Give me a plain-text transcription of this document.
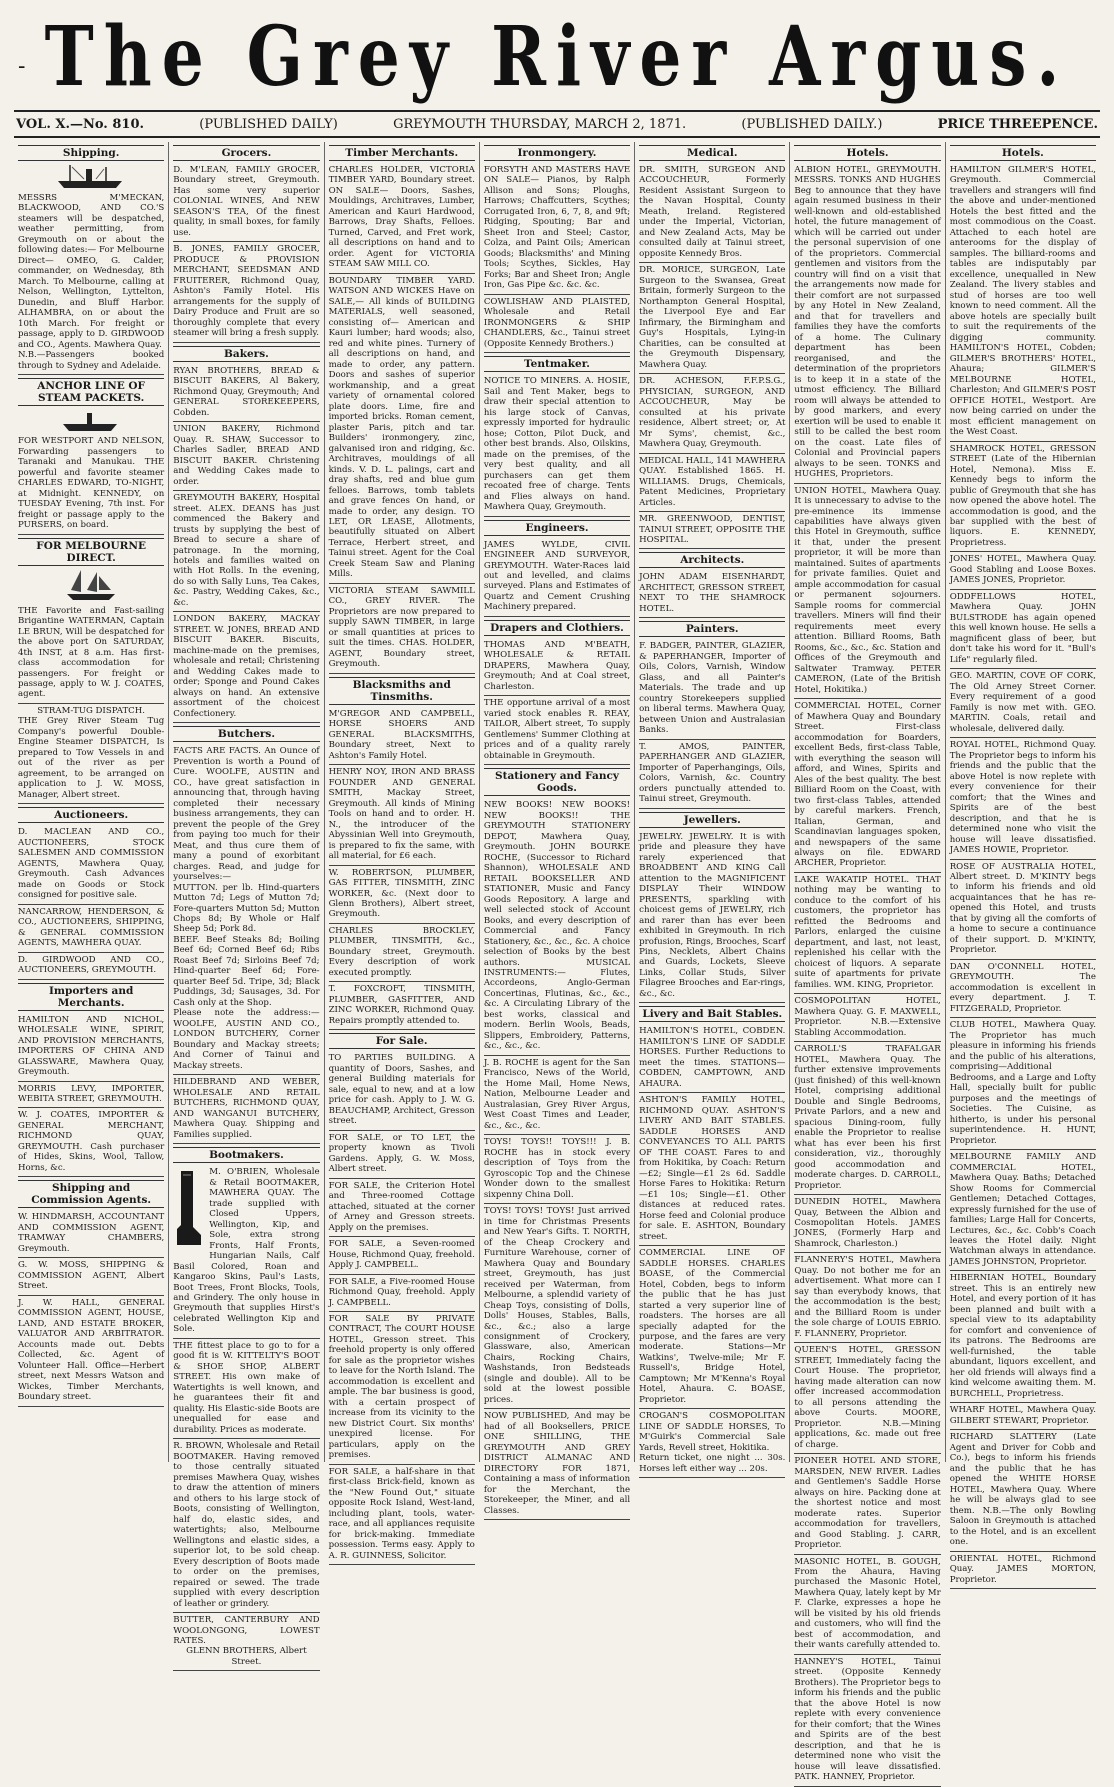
- The Grey River Argus.
VOL. X.—No. 810.	(PUBLISHED DAILY)	GREYMOUTH THURSDAY, MARCH 2, 1871.	(PUBLISHED DAILY.)	PRICE THREEPENCE.
Shipping.

MESSRS M'MECKAN, BLACKWOOD, AND CO.'S steamers will be despatched, weather permitting, from Greymouth on or about the following dates:— For Melbourne Direct— OMEO, G. Calder, commander, on Wednesday, 8th March. To Melbourne, calling at Nelson, Wellington, Lyttelton, Dunedin, and Bluff Harbor. ALHAMBRA, on or about the 10th March. For freight or passage, apply to D. GIRDWOOD and CO., Agents. Mawhera Quay.

N.B.—Passengers booked through to Sydney and Adelaide.

ANCHOR LINE OF STEAM PACKETS.

FOR WESTPORT AND NELSON, Forwarding passengers to Taranaki and Manukau. THE powerful and favorite steamer CHARLES EDWARD, TO-NIGHT, at Midnight. KENNEDY, on TUESDAY Evening, 7th inst. For freight or passage apply to the PURSERS, on board.

FOR MELBOURNE DIRECT.

THE Favorite and Fast-sailing Brigantine WATERMAN, Captain LE BRUN, Will be despatched for the above port On SATURDAY, 4th INST, at 8 a.m. Has first-class accommodation for passengers. For freight or passage, apply to W. J. COATES, agent.

STRAM-TUG DISPATCH.

THE Grey River Steam Tug Company's powerful Double-Engine Steamer DISPATCH, Is prepared to Tow Vessels in and out of the river as per agreement, to be arranged on application to J. W. MOSS, Manager, Albert street.

Auctioneers.

D. MACLEAN AND CO., AUCTIONEERS, STOCK SALESMEN AND COMMISSION AGENTS, Mawhera Quay, Greymouth. Cash Advances made on Goods or Stock consigned for positive sale.

NANCARROW, HENDERSON, & CO., AUCTIONEERS, SHIPPING, & GENERAL COMMISSION AGENTS, MAWHERA QUAY.

D. GIRDWOOD AND CO., AUCTIONEERS, GREYMOUTH.

Importers and Merchants.

HAMILTON AND NICHOL, WHOLESALE WINE, SPIRIT, AND PROVISION MERCHANTS, IMPORTERS OF CHINA AND GLASSWARE, Mawhera Quay, Greymouth.

MORRIS LEVY, IMPORTER, WEBITA STREET, GREYMOUTH.

W. J. COATES, IMPORTER & GENERAL MERCHANT, RICHMOND QUAY, GREYMOUTH. Cash purchaser of Hides, Skins, Wool, Tallow, Horns, &c.

Shipping and Commission Agents.

W. HINDMARSH, ACCOUNTANT AND COMMISSION AGENT, TRAMWAY CHAMBERS, Greymouth.

G. W. MOSS, SHIPPING & COMMISSION AGENT, Albert Street.

J. W. HALL, GENERAL COMMISSION AGENT, HOUSE, LAND, AND ESTATE BROKER, VALUATOR AND ARBITRATOR. Accounts made out. Debts Collected, &c. Agent of Volunteer Hall. Office—Herbert street, next Messrs Watson and Wickes, Timber Merchants, Boundary street.

Grocers.

D. M'LEAN, FAMILY GROCER, Boundary street, Greymouth. Has some very superior COLONIAL WINES, And NEW SEASON'S TEA, Of the finest quality, in small boxes, for family use.

B. JONES, FAMILY GROCER, PRODUCE & PROVISION MERCHANT, SEEDSMAN AND FRUITERER, Richmond Quay, Ashton's Family Hotel. His arrangements for the supply of Dairy Produce and Fruit are so thoroughly complete that every steamer will bring a fresh supply.

Bakers.

RYAN BROTHERS, BREAD & BISCUIT BAKERS, Al Bakery, Richmond Quay, Greymouth; And GENERAL STOREKEEPERS, Cobden.

UNION BAKERY, Richmond Quay. R. SHAW, Successor to Charles Sadler, BREAD AND BISCUIT BAKER. Christening and Wedding Cakes made to order.

GREYMOUTH BAKERY, Hospital street. ALEX. DEANS has just commenced the Bakery and trusts by supplying the best of Bread to secure a share of patronage. In the morning, hotels and families waited on with Hot Rolls. In the evening, do so with Sally Luns, Tea Cakes, &c. Pastry, Wedding Cakes, &c., &c.

LONDON BAKERY, MACKAY STREET. W. JONES, BREAD AND BISCUIT BAKER. Biscuits, machine-made on the premises, wholesale and retail; Christening and Wedding Cakes made to order; Sponge and Pound Cakes always on hand. An extensive assortment of the choicest Confectionery.

Butchers.

FACTS ARE FACTS. An Ounce of Prevention is worth a Pound of Cure. WOOLFE, AUSTIN and CO., have great satisfaction in announcing that, through having completed their necessary business arrangements, they can prevent the people of the Grey from paying too much for their Meat, and thus cure them of many a pound of exorbitant charges. Read, and judge for yourselves:—

MUTTON. per lb. Hind-quarters Mutton 7d; Legs of Mutton 7d; Fore-quarters Mutton 5d; Mutton Chops 8d; By Whole or Half Sheep 5d; Pork 8d.

BEEF. Beef Steaks 8d; Boiling Beef 6d; Corned Beef 6d; Ribs Roast Beef 7d; Sirloins Beef 7d; Hind-quarter Beef 6d; Fore-quarter Beef 5d. Tripe, 3d; Black Puddings, 3d; Sausages, 3d. For Cash only at the Shop.

Please note the address:— WOOLFE, AUSTIN AND CO., LONDON BUTCHERY, Corner Boundary and Mackay streets; And Corner of Tainui and Mackay streets.

HILDEBRAND AND WEBER, WHOLESALE AND RETAIL BUTCHERS, RICHMOND QUAY, AND WANGANUI BUTCHERY, Mawhera Quay. Shipping and Families supplied.

Bootmakers.

M. O'BRIEN, Wholesale & Retail BOOTMAKER, MAWHERA QUAY. The trade supplied with Closed Uppers, Wellington, Kip, and Sole, extra strong Fronts, Half Fronts, Hungarian Nails, Calf Basil Colored, Roan and Kangaroo Skins, Paul's Lasts, Boot Trees, Front Blocks, Tools, and Grindery. The only house in Greymouth that supplies Hirst's celebrated Wellington Kip and Sole.

THE fittest place to go to for a good fit is W. KITTELTY'S BOOT & SHOE SHOP, ALBERT STREET. His own make of Watertights is well known, and he guarantees their fit and quality. His Elastic-side Boots are unequalled for ease and durability. Prices as moderate.

R. BROWN, Wholesale and Retail BOOTMAKER. Having removed to those centrally situated premises Mawhera Quay, wishes to draw the attention of miners and others to his large stock of Boots, consisting of Wellington, half do, elastic sides, and watertights; also, Melbourne Wellingtons and elastic sides, a superior lot, to be sold cheap. Every description of Boots made to order on the premises, repaired or sewed. The trade supplied with every description of leather or grindery.

BUTTER, CANTERBURY AND WOOLONGONG, LOWEST RATES.

GLENN BROTHERS, Albert Street.

Timber Merchants.

CHARLES HOLDER, VICTORIA TIMBER YARD, Boundary street. ON SALE— Doors, Sashes, Mouldings, Architraves, Lumber, American and Kauri Hardwood, Barrows, Dray Shafts, Felloes. Turned, Carved, and Fret work, all descriptions on hand and to order. Agent for VICTORIA STEAM SAW MILL CO.

BOUNDARY TIMBER YARD. WATSON AND WICKES Have on SALE,— All kinds of BUILDING MATERIALS, well seasoned, consisting of— American and Kauri lumber; hard woods; also, red and white pines. Turnery of all descriptions on hand, and made to order, any pattern. Doors and sashes of superior workmanship, and a great variety of ornamental colored plate doors. Lime, fire and imported bricks. Roman cement, plaster Paris, pitch and tar. Builders' ironmongery, zinc, galvanised iron and ridging, &c. Architraves, mouldings of all kinds. V. D. L. palings, cart and dray shafts, red and blue gum felloes. Barrows, tomb tablets and grave fences On hand, or made to order, any design. TO LET, OR LEASE, Allotments, beautifully situated on Albert Terrace, Herbert street, and Tainui street. Agent for the Coal Creek Steam Saw and Planing Mills.

VICTORIA STEAM SAWMILL CO., GREY RIVER. The Proprietors are now prepared to supply SAWN TIMBER, in large or small quantities at prices to suit the times. CHAS. HOLDER, AGENT, Boundary street, Greymouth.

Blacksmiths and Tinsmiths.

M'GREGOR AND CAMPBELL, HORSE SHOERS AND GENERAL BLACKSMITHS, Boundary street, Next to Ashton's Family Hotel.

HENRY NOY, IRON AND BRASS FOUNDER AND GENERAL SMITH, Mackay Street, Greymouth. All kinds of Mining Tools on hand and to order. H. N., the introducer of the Abyssinian Well into Greymouth, is prepared to fix the same, with all material, for £6 each.

W. ROBERTSON, PLUMBER, GAS FITTER, TINSMITH, ZINC WORKER, &c. (Next door to Glenn Brothers), Albert street, Greymouth.

CHARLES BROCKLEY, PLUMBER, TINSMITH, &c., Boundary street, Greymouth. Every description of work executed promptly.

T. FOXCROFT, TINSMITH, PLUMBER, GASFITTER, AND ZINC WORKER, Richmond Quay. Repairs promptly attended to.

For Sale.

TO PARTIES BUILDING. A quantity of Doors, Sashes, and general Building materials for sale, equal to new, and at a low price for cash. Apply to J. W. G. BEAUCHAMP, Architect, Gresson street.

FOR SALE, or TO LET, the property known as Tivoli Gardens. Apply, G. W. Moss, Albert street.

FOR SALE, the Criterion Hotel and Three-roomed Cottage attached, situated at the corner of Arney and Gresson streets. Apply on the premises.

FOR SALE, a Seven-roomed House, Richmond Quay, freehold. Apply J. CAMPBELL.

FOR SALE, a Five-roomed House Richmond Quay, freehold. Apply J. CAMPBELL.

FOR SALE BY PRIVATE CONTRACT, The COURT HOUSE HOTEL, Gresson street. This freehold property is only offered for sale as the proprietor wishes to leave for the North Island. The accommodation is excellent and ample. The bar business is good, with a certain prospect of increase from its vicinity to the new District Court. Six months' unexpired license. For particulars, apply on the premises.

FOR SALE, a half-share in that first-class Brick-field, known as the "New Found Out," situate opposite Rock Island, West-land, including plant, tools, water-race, and all appliances requisite for brick-making. Immediate possession. Terms easy. Apply to A. R. GUINNESS, Solicitor.

Ironmongery.

FORSYTH AND MASTERS HAVE ON SALE— Pianos, by Ralph Allison and Sons; Ploughs, Harrows; Chaffcutters, Scythes; Corrugated Iron, 6, 7, 8, and 9ft; Ridging, Spouting; Bar and Sheet Iron and Steel; Castor, Colza, and Paint Oils; American Goods; Blacksmiths' and Mining Tools; Scythes, Sickles, Hay Forks; Bar and Sheet Iron; Angle Iron, Gas Pipe &c. &c. &c.

COWLISHAW AND PLAISTED, Wholesale and Retail IRONMONGERS & SHIP CHANDLERS, &c., Tainui street (Opposite Kennedy Brothers.)

Tentmaker.

NOTICE TO MINERS. A. HOSIE, Sail and Tent Maker, begs to draw their special attention to his large stock of Canvas, expressly imported for hydraulic hose; Cotton, Pilot Duck, and other best brands. Also, Oilskins, made on the premises, of the very best quality, and all purchasers can get them recoated free of charge. Tents and Flies always on hand. Mawhera Quay, Greymouth.

Engineers.

JAMES WYLDE, CIVIL ENGINEER AND SURVEYOR, GREYMOUTH. Water-Races laid out and levelled, and claims surveyed. Plans and Estimates of Quartz and Cement Crushing Machinery prepared.

Drapers and Clothiers.

THOMAS AND M'BEATH, WHOLESALE & RETAIL DRAPERS, Mawhera Quay, Greymouth; And at Coal street, Charleston.

THE opportune arrival of a most varied stock enables R. REAY, TAILOR, Albert street, To supply Gentlemens' Summer Clothing at prices and of a quality rarely obtainable in Greymouth.

Stationery and Fancy Goods.

NEW BOOKS! NEW BOOKS! NEW BOOKS!! THE GREYMOUTH STATIONERY DEPOT, Mawhera Quay, Greymouth. JOHN BOURKE ROCHE, (Successor to Richard Shannon), WHOLESALE AND RETAIL BOOKSELLER AND STATIONER, Music and Fancy Goods Repository. A large and well selected stock of Account Books, and every description of Commercial and Fancy Stationery, &c., &c., &c. A choice selection of Books by the best authors. MUSICAL INSTRUMENTS:— Flutes, Accordeons, Anglo-German Concertinas, Flutinas, &c., &c., &c. A Circulating Library of the best works, classical and modern. Berlin Wools, Beads, Slippers, Embroidery, Patterns, &c., &c., &c.

J. B. ROCHE is agent for the San Francisco, News of the World, the Home Mail, Home News, Nation, Melbourne Leader and Australasian, Grey River Argus, West Coast Times and Leader, &c., &c., &c.

TOYS! TOYS!! TOYS!!! J. B. ROCHE has in stock every description of Toys from the Gyroscopic Top and the Chinese Wonder down to the smallest sixpenny China Doll.

TOYS! TOYS! TOYS! Just arrived in time for Christmas Presents and New Year's Gifts. T. NORTH, of the Cheap Crockery and Furniture Warehouse, corner of Mawhera Quay and Boundary street, Greymouth, has just received per Waterman, from Melbourne, a splendid variety of Cheap Toys, consisting of Dolls, Dolls' Houses, Stables, Balls, &c., &c.; also a large consignment of Crockery, Glassware, also, American Chairs, Rocking Chairs, Washstands, Iron Bedsteads (single and double). All to be sold at the lowest possible prices.

NOW PUBLISHED, And may be had of all Booksellers, PRICE ONE SHILLING, THE GREYMOUTH AND GREY DISTRICT ALMANAC AND DIRECTORY FOR 1871, Containing a mass of information for the Merchant, the Storekeeper, the Miner, and all Classes.

Medical.

DR. SMITH, SURGEON AND ACCOUCHEUR, Formerly Resident Assistant Surgeon to the Navan Hospital, County Meath, Ireland. Registered under the Imperial, Victorian, and New Zealand Acts, May be consulted daily at Tainui street, opposite Kennedy Bros.

DR. MORICE, SURGEON, Late Surgeon to the Swansea, Great Britain, formerly Surgeon to the Northampton General Hospital, the Liverpool Eye and Ear Infirmary, the Birmingham and Guy's Hospitals, Lying-in Charities, can be consulted at the Greymouth Dispensary, Mawhera Quay.

DR. ACHESON, F.F.P.S.G., PHYSICIAN, SURGEON, AND ACCOUCHEUR, May be consulted at his private residence, Albert street; or, At Mr Syms', chemist, &c., Mawhera Quay, Greymouth.

MEDICAL HALL, 141 MAWHERA QUAY. Established 1865. H. WILLIAMS. Drugs, Chemicals, Patent Medicines, Proprietary Articles.

MR. GREENWOOD, DENTIST, TAINUI STREET, OPPOSITE THE HOSPITAL.

Architects.

JOHN ADAM EISENHARDT, ARCHITECT, GRESSON STREET, NEXT TO THE SHAMROCK HOTEL.

Painters.

F. BADGER, PAINTER, GLAZIER, & PAPERHANGER, Importer of Oils, Colors, Varnish, Window Glass, and all Painter's Materials. The trade and up country Storekeepers supplied on liberal terms. Mawhera Quay, between Union and Australasian Banks.

T. AMOS, PAINTER, PAPERHANGER AND GLAZIER, Importer of Paperhangings, Oils, Colors, Varnish, &c. Country orders punctually attended to. Tainui street, Greymouth.

Jewellers.

JEWELRY. JEWELRY. It is with pride and pleasure they have rarely experienced that BROADBENT AND KING Call attention to the MAGNIFICENT DISPLAY Their WINDOW PRESENTS, sparkling with choicest gems of JEWELRY, rich and rarer than has ever been exhibited in Greymouth. In rich profusion, Rings, Brooches, Scarf Pins, Necklets, Albert Chains and Guards, Lockets, Sleeve Links, Collar Studs, Silver Filagree Brooches and Ear-rings, &c., &c.

Livery and Bait Stables.

HAMILTON'S HOTEL, COBDEN. HAMILTON'S LINE OF SADDLE HORSES. Further Reductions to meet the times. STATIONS—COBDEN, CAMPTOWN, AND AHAURA.

ASHTON'S FAMILY HOTEL, RICHMOND QUAY. ASHTON'S LIVERY AND BAIT STABLES. SADDLE HORSES AND CONVEYANCES TO ALL PARTS OF THE COAST. Fares to and from Hokitika, by Coach: Return—£2; Single—£1 2s 6d. Saddle Horse Fares to Hokitika: Return—£1 10s; Single—£1. Other distances at reduced rates. Horse feed and Colonial produce for sale. E. ASHTON, Boundary street.

COMMERCIAL LINE OF SADDLE HORSES. CHARLES BOASE, of the Commercial Hotel, Cobden, begs to inform the public that he has just started a very superior line of roadsters. The horses are all specially adapted for the purpose, and the fares are very moderate. Stations—Mr Watkins', Twelve-mile; Mr F. Russell's, Bridge Hotel, Camptown; Mr M'Kenna's Royal Hotel, Ahaura. C. BOASE, Proprietor.

CROGAN'S COSMOPOLITAN LINE OF SADDLE HORSES, To M'Guirk's Commercial Sale Yards, Revell street, Hokitika.

Return ticket, one night ... 30s. Horses left either way ... 20s.

Hotels.

ALBION HOTEL, GREYMOUTH. MESSRS. TONKS AND HUGHES Beg to announce that they have again resumed business in their well-known and old-established hotel, the future management of which will be carried out under the personal supervision of one of the proprietors. Commercial gentlemen and visitors from the country will find on a visit that the arrangements now made for their comfort are not surpassed by any Hotel in New Zealand, and that for travellers and families they have the comforts of a home. The Culinary department has been reorganised, and the determination of the proprietors is to keep it in a state of the utmost efficiency. The Billiard room will always be attended to by good markers, and every exertion will be used to enable it still to be called the best room on the coast. Late files of Colonial and Provincial papers always to be seen. TONKS and HUGHES, Proprietors.

UNION HOTEL, Mawhera Quay. It is unnecessary to advise to the pre-eminence its immense capabilities have always given this Hotel in Greymouth, suffice it that, under the present proprietor, it will be more than maintained. Suites of apartments for private families. Quiet and ample accommodation for casual or permanent sojourners. Sample rooms for commercial travellers. Miners will find their requirements meet every attention. Billiard Rooms, Bath Rooms, &c., &c., &c. Station and Offices of the Greymouth and Saltwater Tramway. PETER CAMERON, (Late of the British Hotel, Hokitika.)

COMMERCIAL HOTEL, Corner of Mawhera Quay and Boundary Street. First-class accommodation for Boarders, excellent Beds, first-class Table, with everything the season will afford, and Wines, Spirits and Ales of the best quality. The best Billiard Room on the Coast, with two first-class Tables, attended by careful markers. French, Italian, German, and Scandinavian languages spoken, and newspapers of the same always on file. EDWARD ARCHER, Proprietor.

LAKE WAKATIP HOTEL. THAT nothing may be wanting to conduce to the comfort of his customers, the proprietor has refitted the Bedrooms and Parlors, enlarged the cuisine department, and last, not least, replenished his cellar with the choicest of liquors. A separate suite of apartments for private families. WM. KING, Proprietor.

COSMOPOLITAN HOTEL, Mawhera Quay. G. F. MAXWELL, Proprietor. N.B.—Extensive Stabling Accommodation.

CARROLL'S TRAFALGAR HOTEL, Mawhera Quay. The further extensive improvements (just finished) of this well-known Hotel, comprising additional Double and Single Bedrooms, Private Parlors, and a new and spacious Dining-room, fully enable the Proprietor to realise what has ever been his first consideration, viz., thoroughly good accommodation and moderate charges. D. CARROLL, Proprietor.

DUNEDIN HOTEL, Mawhera Quay, Between the Albion and Cosmopolitan Hotels. JAMES JONES, (Formerly Harp and Shamrock, Charleston.)

FLANNERY'S HOTEL, Mawhera Quay. Do not bother me for an advertisement. What more can I say than everybody knows, that the accommodation is the best; and the Billiard Room is under the sole charge of LOUIS EBRIO. F. FLANNERY, Proprietor.

QUEEN'S HOTEL, GRESSON STREET, Immediately facing the Court House. The proprietor, having made alteration can now offer increased accommodation to all persons attending the above Courts. MOORE, Proprietor. N.B.—Mining applications, &c. made out free of charge.

PIONEER HOTEL AND STORE, MARSDEN, NEW RIVER. Ladies and Gentlemen's Saddle Horse always on hire. Packing done at the shortest notice and most moderate rates. Superior accommodation for travellers, and Good Stabling. J. CARR, Proprietor.

MASONIC HOTEL, B. GOUGH, From the Ahaura, Having purchased the Masonic Hotel, Mawhera Quay, lately kept by Mr F. Clarke, expresses a hope he will be visited by his old friends and customers, who will find the best of accommodation, and their wants carefully attended to.

HANNEY'S HOTEL, Tainui street. (Opposite Kennedy Brothers). The Proprietor begs to inform his friends and the public that the above Hotel is now replete with every convenience for their comfort; that the Wines and Spirits are of the best description, and that he is determined none who visit the house will leave dissatisfied. PATK. HANNEY, Proprietor.

Hotels.

HAMILTON GILMER'S HOTEL, Greymouth. Commercial travellers and strangers will find the above and under-mentioned Hotels the best fitted and the most commodious on the Coast. Attached to each hotel are anterooms for the display of samples. The billiard-rooms and tables are indisputably par excellence, unequalled in New Zealand. The livery stables and stud of horses are too well known to need comment. All the above hotels are specially built to suit the requirements of the digging community. HAMILTON'S HOTEL, Cobden; GILMER'S BROTHERS' HOTEL, Ahaura; GILMER'S MELBOURNE HOTEL, Charleston; And GILMER'S POST OFFICE HOTEL, Westport. Are now being carried on under the most efficient management on the West Coast.

SHAMROCK HOTEL, GRESSON STREET (Late of the Hibernian Hotel, Nemona). Miss E. Kennedy begs to inform the public of Greymouth that she has now opened the above hotel. The accommodation is good, and the bar supplied with the best of liquors. E. KENNEDY, Proprietress.

JONES' HOTEL, Mawhera Quay. Good Stabling and Loose Boxes. JAMES JONES, Proprietor.

ODDFELLOWS HOTEL, Mawhera Quay. JOHN BULSTRODE has again opened this well known house. He sells a magnificent glass of beer, but don't take his word for it. "Bull's Life" regularly filed.

GEO. MARTIN, COVE OF CORK, The Old Arney Street Corner. Every requirement of a good Family is now met with. GEO. MARTIN. Coals, retail and wholesale, delivered daily.

ROYAL HOTEL, Richmond Quay. The Proprietor begs to inform his friends and the public that the above Hotel is now replete with every convenience for their comfort; that the Wines and Spirits are of the best description, and that he is determined none who visit the house will leave dissatisfied. JAMES HOWIE, Proprietor.

ROSE OF AUSTRALIA HOTEL, Albert street. D. M'KINTY begs to inform his friends and old acquaintances that he has re-opened this Hotel, and trusts that by giving all the comforts of a home to secure a continuance of their support. D. M'KINTY, Proprietor.

DAN O'CONNELL HOTEL, GREYMOUTH. The accommodation is excellent in every department. J. T. FITZGERALD, Proprietor.

CLUB HOTEL, Mawhera Quay. The Proprietor has much pleasure in informing his friends and the public of his alterations, comprising—Additional Bedrooms, and a Large and Lofty Hall, specially built for public purposes and the meetings of Societies. The Cuisine, as hitherto, is under his personal superintendence. H. HUNT, Proprietor.

MELBOURNE FAMILY AND COMMERCIAL HOTEL, Mawhera Quay. Baths; Detached Show Rooms for Commercial Gentlemen; Detached Cottages, expressly furnished for the use of families; Large Hall for Concerts, Lectures, &c., &c. Cobb's Coach leaves the Hotel daily. Night Watchman always in attendance. JAMES JOHNSTON, Proprietor.

HIBERNIAN HOTEL, Boundary street. This is an entirely new Hotel, and every portion of it has been planned and built with a special view to its adaptability for comfort and convenience of its patrons. The Bedrooms are well-furnished, the table abundant, liquors excellent, and her old friends will always find a kind welcome awaiting them. M. BURCHELL, Proprietress.

WHARF HOTEL, Mawhera Quay. GILBERT STEWART, Proprietor.

RICHARD SLATTERY (Late Agent and Driver for Cobb and Co.), begs to inform his friends and the public that he has opened the WHITE HORSE HOTEL, Mawhera Quay. Where he will be always glad to see them. N.B.—The only Bowling Saloon in Greymouth is attached to the Hotel, and is an excellent one.

ORIENTAL HOTEL, Richmond Quay. JAMES MORTON, Proprietor.
